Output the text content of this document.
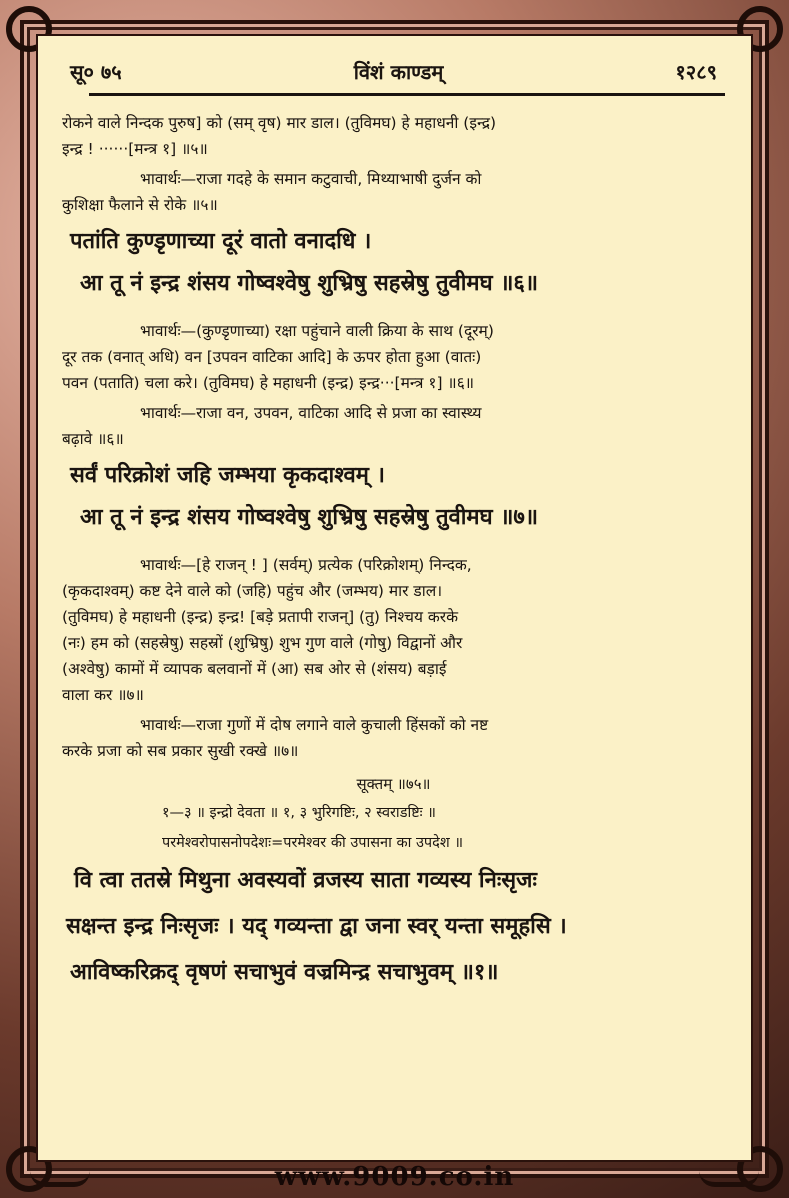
सू० ७५	विंशं काण्डम्	१२८९

रोकने वाले निन्दक पुरुष] को (सम् वृष) मार डाल। (तुविमघ) हे महाधनी (इन्द्र)

इन्द्र ! ······[मन्त्र १] ॥५॥

भावार्थः—राजा गदहे के समान कटुवाची, मिथ्याभाषी दुर्जन को

कुशिक्षा फैलाने से रोके ॥५॥

पतांति कुण्डृणाच्या दूरं वातो वनादधि ।

आ तू नं इन्द्र शंसय गोष्वश्वेषु शुभ्रिषु सहस्रेषु तुवीमघ ॥६॥

भावार्थः—(कुण्डृणाच्या) रक्षा पहुंचाने वाली क्रिया के साथ (दूरम्)

दूर तक (वनात् अधि) वन [उपवन वाटिका आदि] के ऊपर होता हुआ (वातः)

पवन (पताति) चला करे। (तुविमघ) हे महाधनी (इन्द्र) इन्द्र···[मन्त्र १] ॥६॥

भावार्थः—राजा वन, उपवन, वाटिका आदि से प्रजा का स्वास्थ्य

बढ़ावे ॥६॥

सर्वं परिक्रोशं जहि जम्भया कृकदाश्वम् ।

आ तू नं इन्द्र शंसय गोष्वश्वेषु शुभ्रिषु सहस्रेषु तुवीमघ ॥७॥

भावार्थः—[हे राजन् ! ] (सर्वम्) प्रत्येक (परिक्रोशम्) निन्दक,

(कृकदाश्वम्) कष्ट देने वाले को (जहि) पहुंच और (जम्भय) मार डाल।

(तुविमघ) हे महाधनी (इन्द्र) इन्द्र! [बड़े प्रतापी राजन्] (तु) निश्चय करके

(नः) हम को (सहस्रेषु) सहस्रों (शुभ्रिषु) शुभ गुण वाले (गोषु) विद्वानों और

(अश्वेषु) कामों में व्यापक बलवानों में (आ) सब ओर से (शंसय) बड़ाई

वाला कर ॥७॥

भावार्थः—राजा गुणों में दोष लगाने वाले कुचाली हिंसकों को नष्ट

करके प्रजा को सब प्रकार सुखी रक्खे ॥७॥

सूक्तम् ॥७५॥

१—३ ॥ इन्द्रो देवता ॥ १, ३ भुरिगष्टिः, २ स्वराडष्टिः ॥

परमेश्वरोपासनोपदेशः=परमेश्वर की उपासना का उपदेश ॥

वि त्वा ततस्रे मिथुना अवस्यवों व्रजस्य साता गव्यस्य निःसृजः

सक्षन्त इन्द्र निःसृजः । यद् गव्यन्ता द्वा जना स्वर् यन्ता समूहसि ।

आविष्करिक्रद् वृषणं सचाभुवं वज्रमिन्द्र सचाभुवम् ॥१॥

www.9009.co.in
